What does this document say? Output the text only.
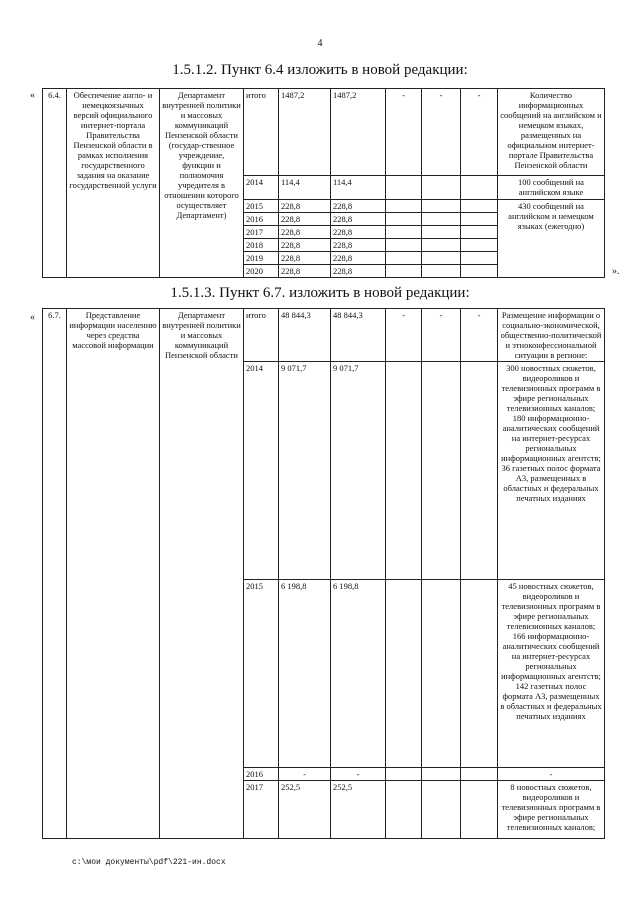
4
1.5.1.2. Пункт 6.4 изложить в новой редакции:
«
».
6.4.	Обеспечение англо- и немецкоязычных версий официального интернет-портала Правительства Пензенской области в рамках исполнения государственного задания на оказание государственной услуги	Департамент внутренней политики и массовых коммуникаций Пензенской области (государ-ственное учреждение, функции и полномочия учредителя в отношении которого осуществляет Департамент)	итого	1487,2	1487,2	-	-	-	Количество информационных сообщений на английском и немецком языках, размещенных на официальном интернет-портале Правительства Пензенской области
			2014	114,4	114,4				100 сообщений на английском языке
			2015	228,8	228,8				430 сообщений на английском и немецком языках (ежегодно)
			2016	228,8	228,8				
			2017	228,8	228,8				
			2018	228,8	228,8				
			2019	228,8	228,8				
			2020	228,8	228,8				
1.5.1.3. Пункт 6.7. изложить в новой редакции:
« 6.7.	Представление информации населению через средства массовой информации	Департамент внутренней политики и массовых коммуникаций Пензенской области	итого	48 844,3	48 844,3	-	-	-	Размещение информации о социально-экономической, общественно-политической и этноконфессиональной ситуации в регионе:
			2014	9 071,7	9 071,7				300 новостных сюжетов, видеороликов и телевизионных программ в эфире региональных телевизионных каналов; 180 информационно-аналитических сообщений на интернет-ресурсах региональных информационных агентств; 36 газетных полос формата А3, размещенных в областных и федеральных печатных изданиях
			2015	6 198,8	6 198,8				45 новостных сюжетов, видеороликов и телевизионных программ в эфире региональных телевизионных каналов; 166 информационно-аналитических сообщений на интернет-ресурсах региональных информационных агентств; 142 газетных полос формата А3, размещенных в областных и федеральных печатных изданиях
			2016	-	-				-
			2017	252,5	252,5				8 новостных сюжетов, видеороликов и телевизионных программ в эфире региональных телевизионных каналов;
c:\мои документы\pdf\221-ин.docx
